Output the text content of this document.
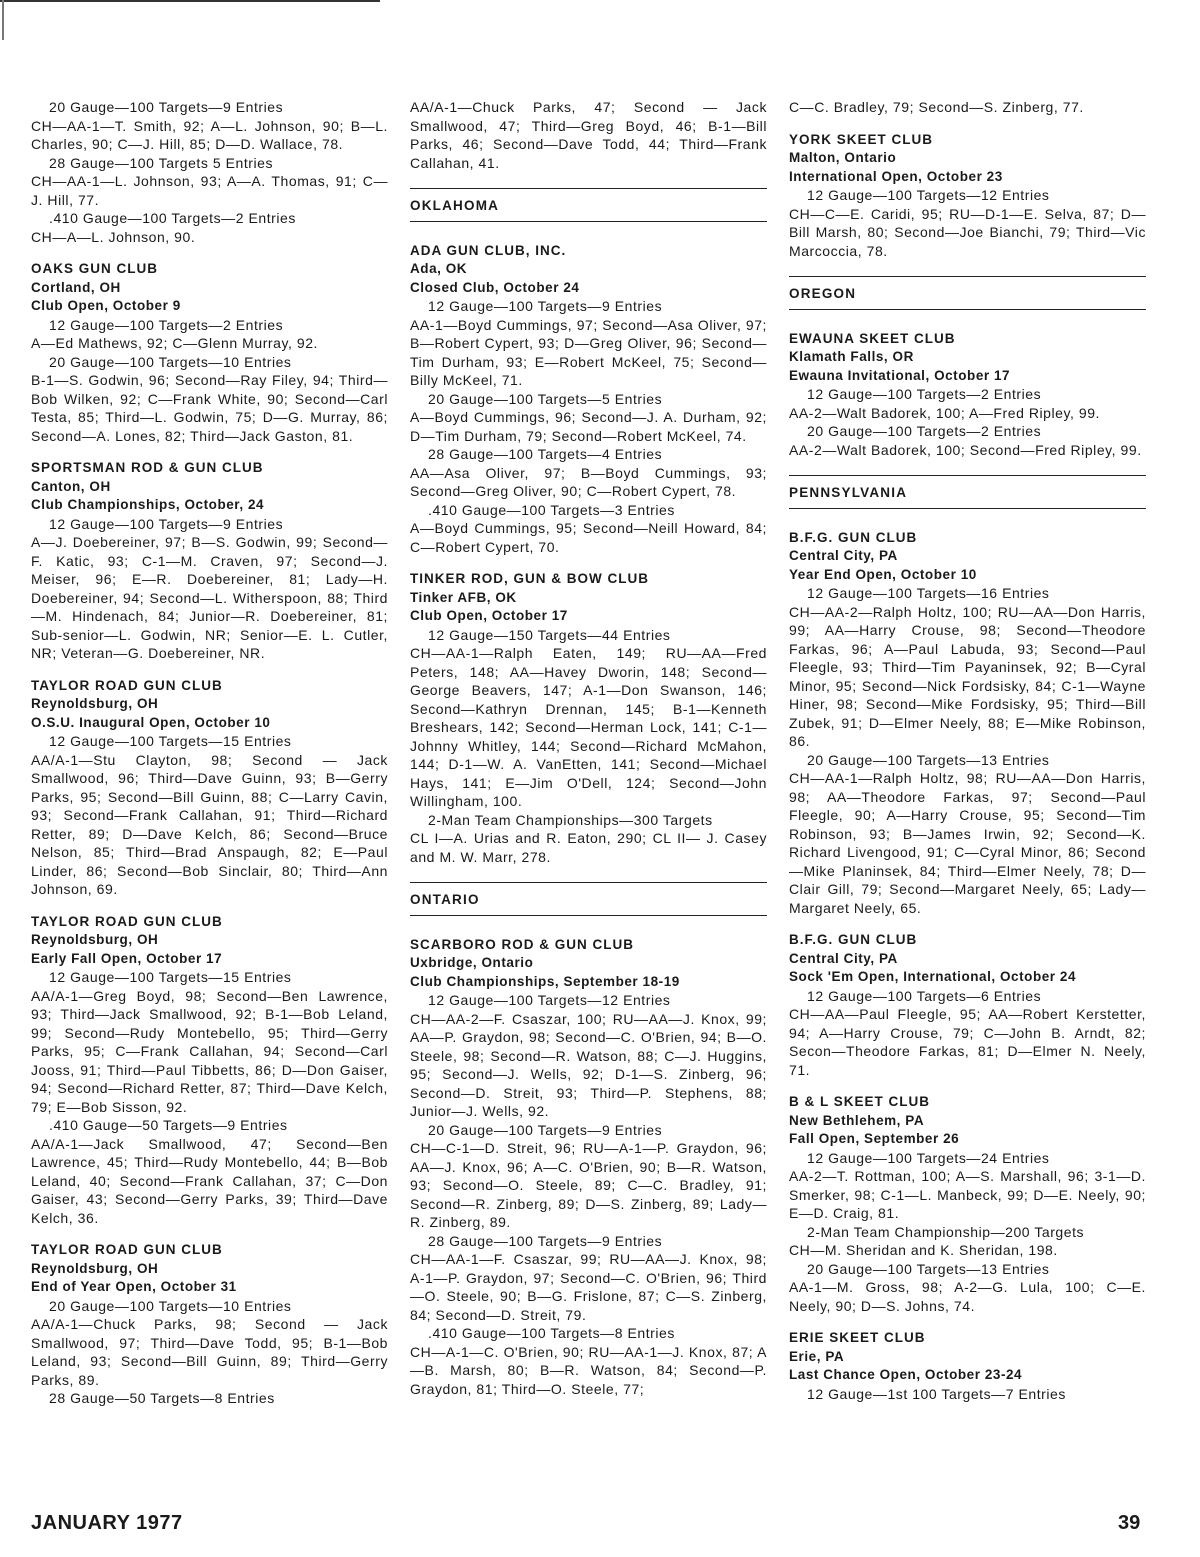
20 Gauge—100 Targets—9 Entries
CH—AA-1—T. Smith, 92; A—L. Johnson, 90; B—L. Charles, 90; C—J. Hill, 85; D—D. Wallace, 78.
28 Gauge—100 Targets 5 Entries
CH—AA-1—L. Johnson, 93; A—A. Thomas, 91; C—J. Hill, 77.
.410 Gauge—100 Targets—2 Entries
CH—A—L. Johnson, 90.
OAKS GUN CLUB
Cortland, OH
Club Open, October 9
12 Gauge—100 Targets—2 Entries
A—Ed Mathews, 92; C—Glenn Murray, 92.
20 Gauge—100 Targets—10 Entries
B-1—S. Godwin, 96; Second—Ray Filey, 94; Third—Bob Wilken, 92; C—Frank White, 90; Second—Carl Testa, 85; Third—L. Godwin, 75; D—G. Murray, 86; Second—A. Lones, 82; Third—Jack Gaston, 81.
SPORTSMAN ROD & GUN CLUB
Canton, OH
Club Championships, October, 24
12 Gauge—100 Targets—9 Entries
A—J. Doebereiner, 97; B—S. Godwin, 99; Second—F. Katic, 93; C-1—M. Craven, 97; Second—J. Meiser, 96; E—R. Doebereiner, 81; Lady—H. Doebereiner, 94; Second—L. Witherspoon, 88; Third—M. Hindenach, 84; Junior—R. Doebereiner, 81; Sub-senior—L. Godwin, NR; Senior—E. L. Cutler, NR; Veteran—G. Doebereiner, NR.
TAYLOR ROAD GUN CLUB
Reynoldsburg, OH
O.S.U. Inaugural Open, October 10
12 Gauge—100 Targets—15 Entries
AA/A-1—Stu Clayton, 98; Second — Jack Smallwood, 96; Third—Dave Guinn, 93; B—Gerry Parks, 95; Second—Bill Guinn, 88; C—Larry Cavin, 93; Second—Frank Callahan, 91; Third—Richard Retter, 89; D—Dave Kelch, 86; Second—Bruce Nelson, 85; Third—Brad Anspaugh, 82; E—Paul Linder, 86; Second—Bob Sinclair, 80; Third—Ann Johnson, 69.
TAYLOR ROAD GUN CLUB
Reynoldsburg, OH
Early Fall Open, October 17
12 Gauge—100 Targets—15 Entries
AA/A-1—Greg Boyd, 98; Second—Ben Lawrence, 93; Third—Jack Smallwood, 92; B-1—Bob Leland, 99; Second—Rudy Montebello, 95; Third—Gerry Parks, 95; C—Frank Callahan, 94; Second—Carl Jooss, 91; Third—Paul Tibbetts, 86; D—Don Gaiser, 94; Second—Richard Retter, 87; Third—Dave Kelch, 79; E—Bob Sisson, 92.
.410 Gauge—50 Targets—9 Entries
AA/A-1—Jack Smallwood, 47; Second—Ben Lawrence, 45; Third—Rudy Montebello, 44; B—Bob Leland, 40; Second—Frank Callahan, 37; C—Don Gaiser, 43; Second—Gerry Parks, 39; Third—Dave Kelch, 36.
TAYLOR ROAD GUN CLUB
Reynoldsburg, OH
End of Year Open, October 31
20 Gauge—100 Targets—10 Entries
AA/A-1—Chuck Parks, 98; Second — Jack Smallwood, 97; Third—Dave Todd, 95; B-1—Bob Leland, 93; Second—Bill Guinn, 89; Third—Gerry Parks, 89.
28 Gauge—50 Targets—8 Entries
AA/A-1—Chuck Parks, 47; Second — Jack Smallwood, 47; Third—Greg Boyd, 46; B-1—Bill Parks, 46; Second—Dave Todd, 44; Third—Frank Callahan, 41.
OKLAHOMA
ADA GUN CLUB, INC.
Ada, OK
Closed Club, October 24
12 Gauge—100 Targets—9 Entries
AA-1—Boyd Cummings, 97; Second—Asa Oliver, 97; B—Robert Cypert, 93; D—Greg Oliver, 96; Second—Tim Durham, 93; E—Robert McKeel, 75; Second—Billy McKeel, 71.
20 Gauge—100 Targets—5 Entries
A—Boyd Cummings, 96; Second—J. A. Durham, 92; D—Tim Durham, 79; Second—Robert McKeel, 74.
28 Gauge—100 Targets—4 Entries
AA—Asa Oliver, 97; B—Boyd Cummings, 93; Second—Greg Oliver, 90; C—Robert Cypert, 78.
.410 Gauge—100 Targets—3 Entries
A—Boyd Cummings, 95; Second—Neill Howard, 84; C—Robert Cypert, 70.
TINKER ROD, GUN & BOW CLUB
Tinker AFB, OK
Club Open, October 17
12 Gauge—150 Targets—44 Entries
CH—AA-1—Ralph Eaten, 149; RU—AA—Fred Peters, 148; AA—Havey Dworin, 148; Second—George Beavers, 147; A-1—Don Swanson, 146; Second—Kathryn Drennan, 145; B-1—Kenneth Breshears, 142; Second—Herman Lock, 141; C-1—Johnny Whitley, 144; Second—Richard McMahon, 144; D-1—W. A. VanEtten, 141; Second—Michael Hays, 141; E—Jim O'Dell, 124; Second—John Willingham, 100.
2-Man Team Championships—300 Targets
CL I—A. Urias and R. Eaton, 290; CL II— J. Casey and M. W. Marr, 278.
ONTARIO
SCARBORO ROD & GUN CLUB
Uxbridge, Ontario
Club Championships, September 18-19
12 Gauge—100 Targets—12 Entries
CH—AA-2—F. Csaszar, 100; RU—AA—J. Knox, 99; AA—P. Graydon, 98; Second—C. O'Brien, 94; B—O. Steele, 98; Second—R. Watson, 88; C—J. Huggins, 95; Second—J. Wells, 92; D-1—S. Zinberg, 96; Second—D. Streit, 93; Third—P. Stephens, 88; Junior—J. Wells, 92.
20 Gauge—100 Targets—9 Entries
CH—C-1—D. Streit, 96; RU—A-1—P. Graydon, 96; AA—J. Knox, 96; A—C. O'Brien, 90; B—R. Watson, 93; Second—O. Steele, 89; C—C. Bradley, 91; Second—R. Zinberg, 89; D—S. Zinberg, 89; Lady—R. Zinberg, 89.
28 Gauge—100 Targets—9 Entries
CH—AA-1—F. Csaszar, 99; RU—AA—J. Knox, 98; A-1—P. Graydon, 97; Second—C. O'Brien, 96; Third—O. Steele, 90; B—G. Frislone, 87; C—S. Zinberg, 84; Second—D. Streit, 79.
.410 Gauge—100 Targets—8 Entries
CH—A-1—C. O'Brien, 90; RU—AA-1—J. Knox, 87; A—B. Marsh, 80; B—R. Watson, 84; Second—P. Graydon, 81; Third—O. Steele, 77;
C—C. Bradley, 79; Second—S. Zinberg, 77.
YORK SKEET CLUB
Malton, Ontario
International Open, October 23
12 Gauge—100 Targets—12 Entries
CH—C—E. Caridi, 95; RU—D-1—E. Selva, 87; D—Bill Marsh, 80; Second—Joe Bianchi, 79; Third—Vic Marcoccia, 78.
OREGON
EWAUNA SKEET CLUB
Klamath Falls, OR
Ewauna Invitational, October 17
12 Gauge—100 Targets—2 Entries
AA-2—Walt Badorek, 100; A—Fred Ripley, 99.
20 Gauge—100 Targets—2 Entries
AA-2—Walt Badorek, 100; Second—Fred Ripley, 99.
PENNSYLVANIA
B.F.G. GUN CLUB
Central City, PA
Year End Open, October 10
12 Gauge—100 Targets—16 Entries
CH—AA-2—Ralph Holtz, 100; RU—AA—Don Harris, 99; AA—Harry Crouse, 98; Second—Theodore Farkas, 96; A—Paul Labuda, 93; Second—Paul Fleegle, 93; Third—Tim Payaninsek, 92; B—Cyral Minor, 95; Second—Nick Fordsisky, 84; C-1—Wayne Hiner, 98; Second—Mike Fordsisky, 95; Third—Bill Zubek, 91; D—Elmer Neely, 88; E—Mike Robinson, 86.
20 Gauge—100 Targets—13 Entries
CH—AA-1—Ralph Holtz, 98; RU—AA—Don Harris, 98; AA—Theodore Farkas, 97; Second—Paul Fleegle, 90; A—Harry Crouse, 95; Second—Tim Robinson, 93; B—James Irwin, 92; Second—K. Richard Livengood, 91; C—Cyral Minor, 86; Second—Mike Planinsek, 84; Third—Elmer Neely, 78; D—Clair Gill, 79; Second—Margaret Neely, 65; Lady—Margaret Neely, 65.
B.F.G. GUN CLUB
Central City, PA
Sock 'Em Open, International, October 24
12 Gauge—100 Targets—6 Entries
CH—AA—Paul Fleegle, 95; AA—Robert Kerstetter, 94; A—Harry Crouse, 79; C—John B. Arndt, 82; Secon—Theodore Farkas, 81; D—Elmer N. Neely, 71.
B & L SKEET CLUB
New Bethlehem, PA
Fall Open, September 26
12 Gauge—100 Targets—24 Entries
AA-2—T. Rottman, 100; A—S. Marshall, 96; 3-1—D. Smerker, 98; C-1—L. Manbeck, 99; D—E. Neely, 90; E—D. Craig, 81.
2-Man Team Championship—200 Targets
CH—M. Sheridan and K. Sheridan, 198.
20 Gauge—100 Targets—13 Entries
AA-1—M. Gross, 98; A-2—G. Lula, 100; C—E. Neely, 90; D—S. Johns, 74.
ERIE SKEET CLUB
Erie, PA
Last Chance Open, October 23-24
12 Gauge—1st 100 Targets—7 Entries
JANUARY 1977	39
